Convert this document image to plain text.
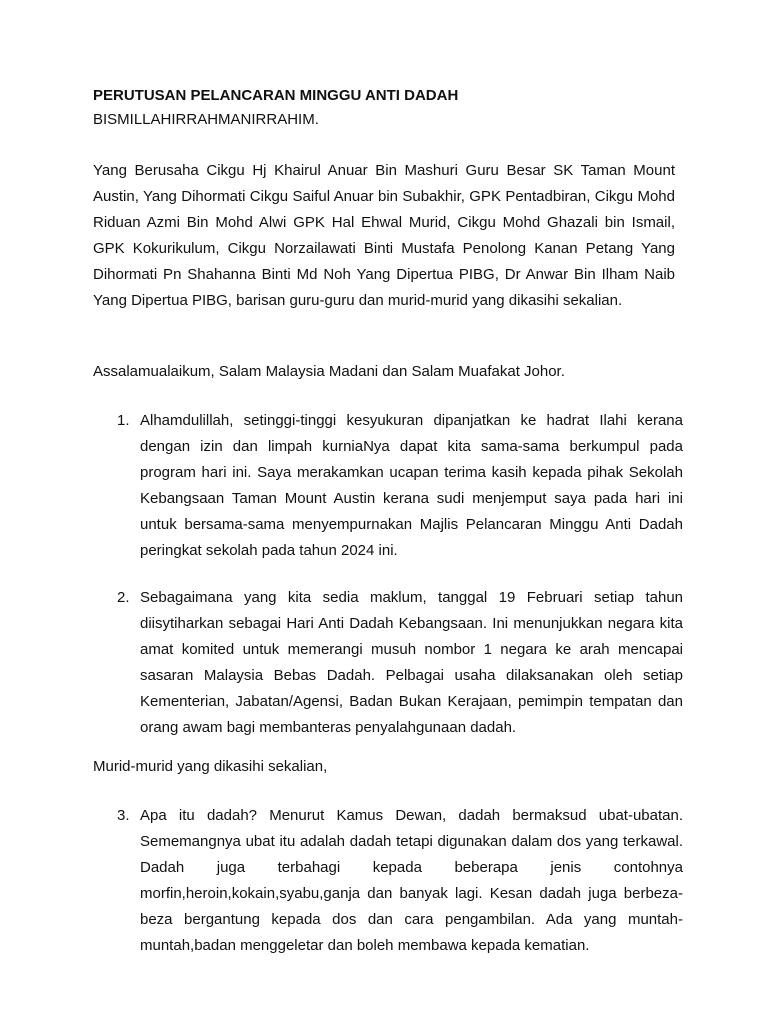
PERUTUSAN PELANCARAN MINGGU ANTI DADAH
BISMILLAHIRRAHMANIRRAHIM.
Yang Berusaha Cikgu Hj Khairul Anuar Bin Mashuri Guru Besar SK Taman Mount Austin, Yang Dihormati Cikgu Saiful Anuar bin Subakhir, GPK Pentadbiran, Cikgu Mohd Riduan Azmi Bin Mohd Alwi GPK Hal Ehwal Murid, Cikgu Mohd Ghazali bin Ismail, GPK Kokurikulum, Cikgu Norzailawati Binti Mustafa Penolong Kanan Petang Yang Dihormati Pn Shahanna Binti Md Noh Yang Dipertua PIBG, Dr Anwar Bin Ilham Naib Yang Dipertua PIBG, barisan guru-guru dan murid-murid yang dikasihi sekalian.
Assalamualaikum, Salam Malaysia Madani dan Salam Muafakat Johor.
1. Alhamdulillah, setinggi-tinggi kesyukuran dipanjatkan ke hadrat Ilahi kerana dengan izin dan limpah kurniaNya dapat kita sama-sama berkumpul pada program hari ini. Saya merakamkan ucapan terima kasih kepada pihak Sekolah Kebangsaan Taman Mount Austin kerana sudi menjemput saya pada hari ini untuk bersama-sama menyempurnakan Majlis Pelancaran Minggu Anti Dadah peringkat sekolah pada tahun 2024 ini.
2. Sebagaimana yang kita sedia maklum, tanggal 19 Februari setiap tahun diisytiharkan sebagai Hari Anti Dadah Kebangsaan. Ini menunjukkan negara kita amat komited untuk memerangi musuh nombor 1 negara ke arah mencapai sasaran Malaysia Bebas Dadah. Pelbagai usaha dilaksanakan oleh setiap Kementerian, Jabatan/Agensi, Badan Bukan Kerajaan, pemimpin tempatan dan orang awam bagi membanteras penyalahgunaan dadah.
Murid-murid yang dikasihi sekalian,
3. Apa itu dadah? Menurut Kamus Dewan, dadah bermaksud ubat-ubatan. Sememangnya ubat itu adalah dadah tetapi digunakan dalam dos yang terkawal. Dadah juga terbahagi kepada beberapa jenis contohnya morfin,heroin,kokain,syabu,ganja dan banyak lagi. Kesan dadah juga berbeza-beza bergantung kepada dos dan cara pengambilan. Ada yang muntah-muntah,badan menggeletar dan boleh membawa kepada kematian.
